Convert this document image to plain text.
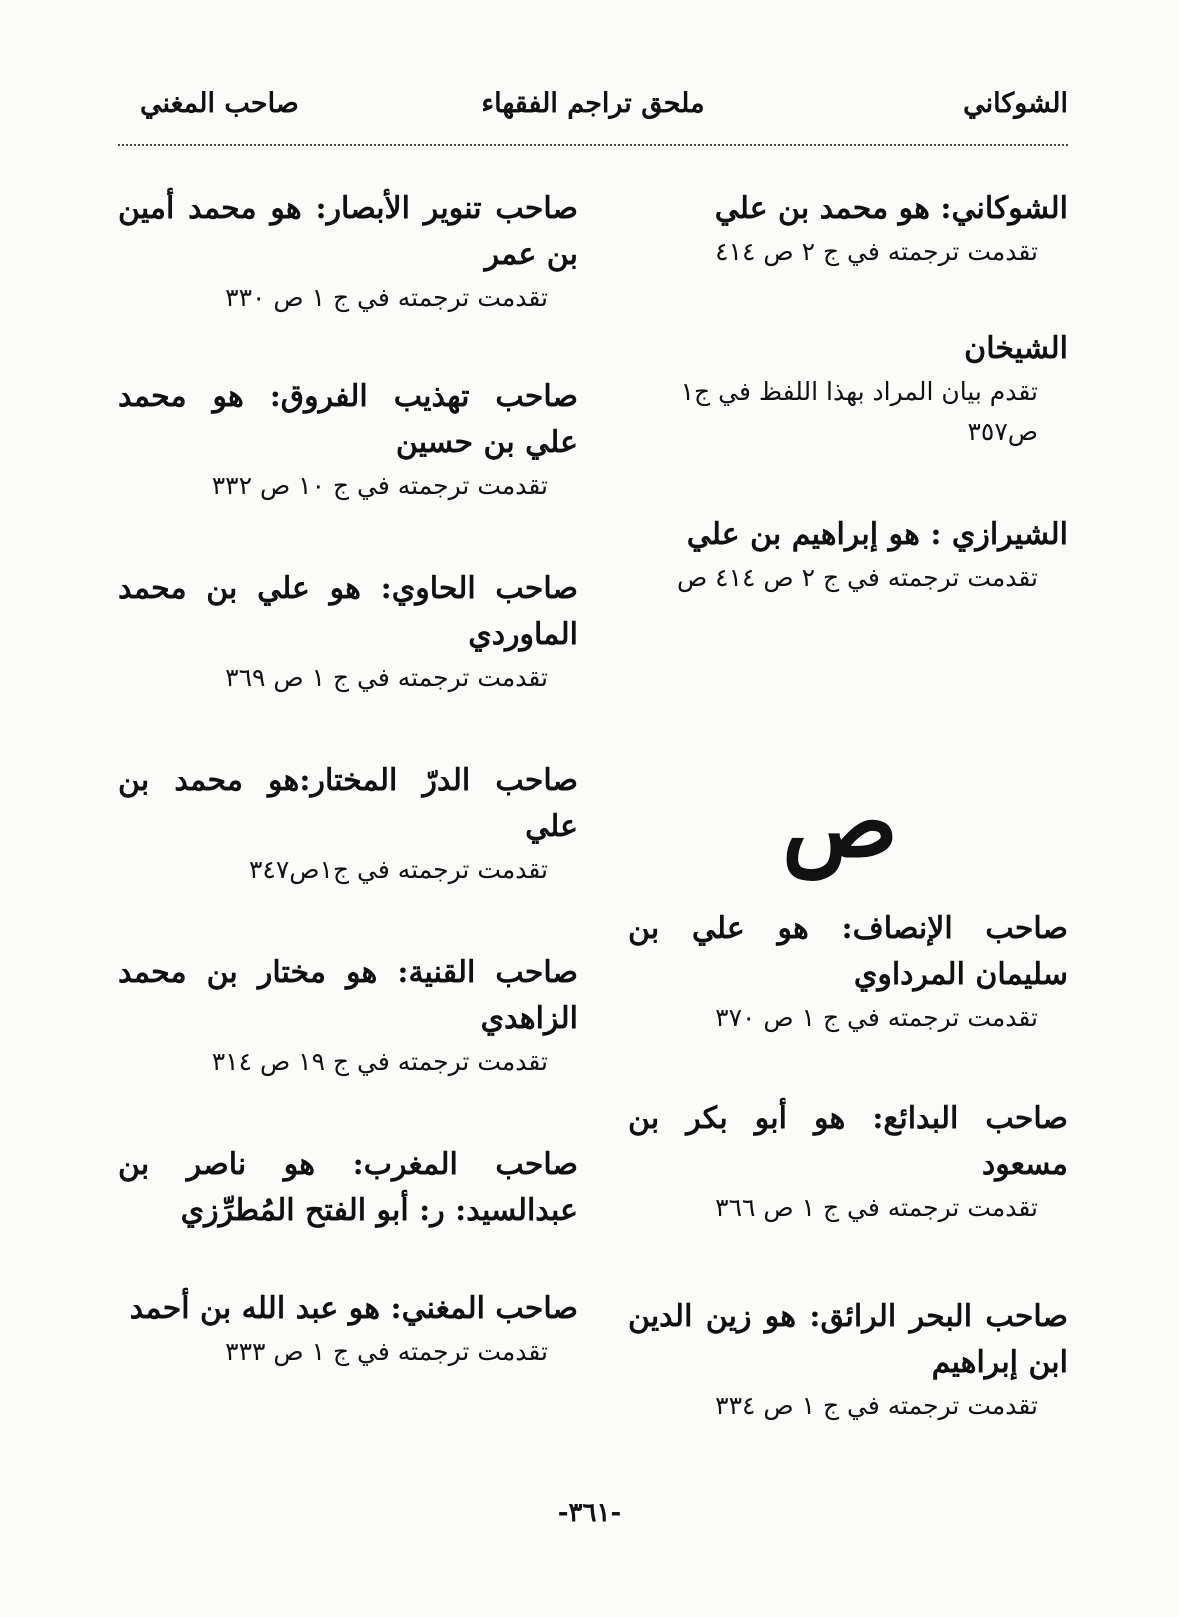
الشوكاني
ملحق تراجم الفقهاء
صاحب المغني
الشوكاني: هو محمد بن علي
تقدمت ترجمته في ج ٢ ص ٤١٤
الشيخان
تقدم بيان المراد بهذا اللفظ في ج١ ص٣٥٧
الشيرازي : هو إبراهيم بن علي
تقدمت ترجمته في ج ٢ ص ٤١٤ ص
صاحب الإنصاف: هو علي بن سليمان المرداوي
تقدمت ترجمته في ج ١ ص ٣٧٠
صاحب البدائع: هو أبو بكر بن مسعود
تقدمت ترجمته في ج ١ ص ٣٦٦
صاحب البحر الرائق: هو زين الدين ابن إبراهيم
تقدمت ترجمته في ج ١ ص ٣٣٤
ص
صاحب تنوير الأبصار: هو محمد أمين بن عمر
تقدمت ترجمته في ج ١ ص ٣٣٠
صاحب تهذيب الفروق: هو محمد علي بن حسين
تقدمت ترجمته في ج ١٠ ص ٣٣٢
صاحب الحاوي: هو علي بن محمد الماوردي
تقدمت ترجمته في ج ١ ص ٣٦٩
صاحب الدرّ المختار:هو محمد بن علي
تقدمت ترجمته في ج١ص٣٤٧
صاحب القنية: هو مختار بن محمد الزاهدي
تقدمت ترجمته في ج ١٩ ص ٣١٤
صاحب المغرب: هو ناصر بن عبدالسيد: ر: أبو الفتح المُطرِّزي
صاحب المغني: هو عبد الله بن أحمد
تقدمت ترجمته في ج ١ ص ٣٣٣
-٣٦١-
